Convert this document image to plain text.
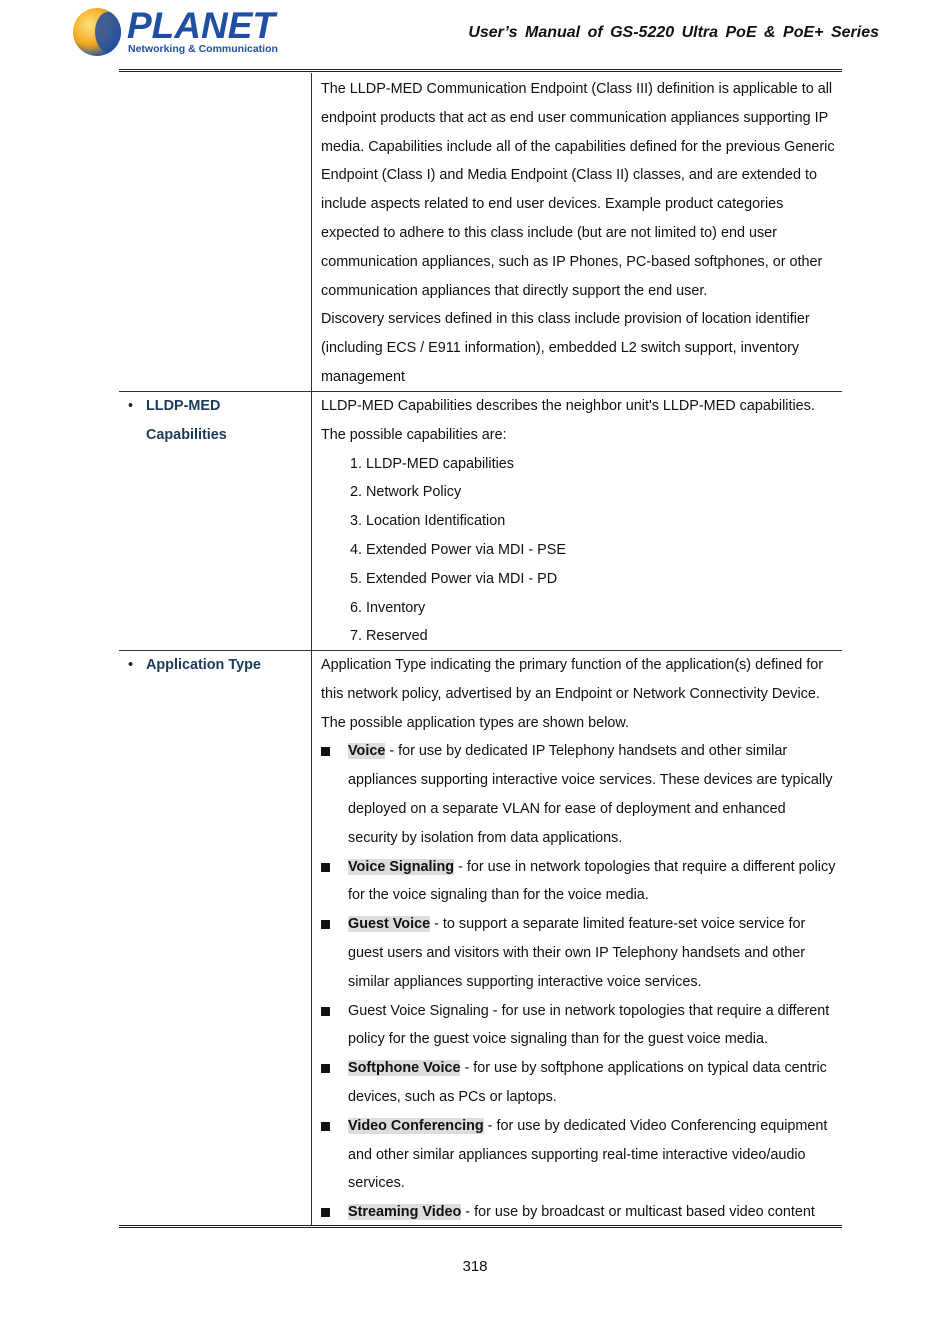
PLANET
Networking & Communication
User’s Manual of GS-5220 Ultra PoE & PoE+ Series

The LLDP-MED Communication Endpoint (Class III) definition is applicable to all endpoint products that act as end user communication appliances supporting IP media. Capabilities include all of the capabilities defined for the previous Generic Endpoint (Class I) and Media Endpoint (Class II) classes, and are extended to include aspects related to end user devices. Example product categories expected to adhere to this class include (but are not limited to) end user communication appliances, such as IP Phones, PC-based softphones, or other communication appliances that directly support the end user.

Discovery services defined in this class include provision of location identifier (including ECS / E911 information), embedded L2 switch support, inventory management

• LLDP-MED
Capabilities

LLDP-MED Capabilities describes the neighbor unit's LLDP-MED capabilities.

The possible capabilities are:

1. LLDP-MED capabilities
2. Network Policy
3. Location Identification
4. Extended Power via MDI - PSE
5. Extended Power via MDI - PD
6. Inventory
7. Reserved
• Application Type	Application Type indicating the primary function of the application(s) defined for this network policy, advertised by an Endpoint or Network Connectivity Device. The possible application types are shown below.

Voice - for use by dedicated IP Telephony handsets and other similar appliances supporting interactive voice services. These devices are typically deployed on a separate VLAN for ease of deployment and enhanced security by isolation from data applications.
Voice Signaling - for use in network topologies that require a different policy for the voice signaling than for the voice media.
Guest Voice - to support a separate limited feature-set voice service for guest users and visitors with their own IP Telephony handsets and other similar appliances supporting interactive voice services.
Guest Voice Signaling - for use in network topologies that require a different policy for the guest voice signaling than for the guest voice media.
Softphone Voice - for use by softphone applications on typical data centric devices, such as PCs or laptops.
Video Conferencing - for use by dedicated Video Conferencing equipment and other similar appliances supporting real-time interactive video/audio services.
Streaming Video - for use by broadcast or multicast based video content
318
